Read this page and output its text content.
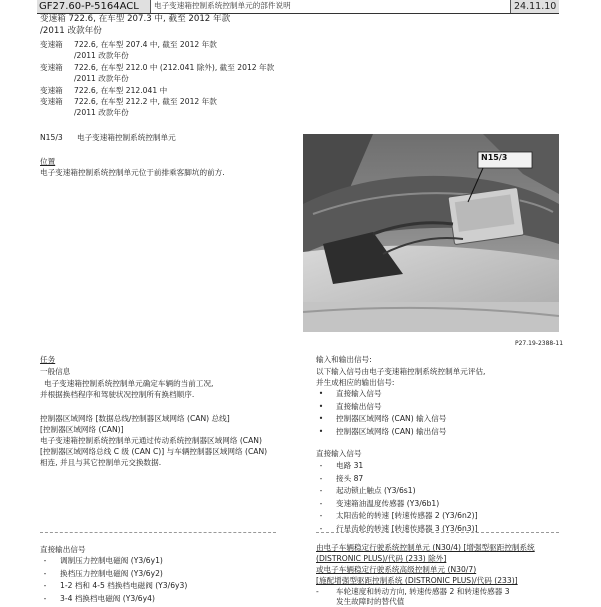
GF27.60-P-5164ACL	电子变速箱控制系统控制单元的部件说明	24.11.10
变速箱 722.6, 在车型 207.3 中, 截至 2012 年款
/2011 改款年份
变速箱 722.6, 在车型 207.4 中, 截至 2012 年款
/2011 改款年份
变速箱 722.6, 在车型 212.0 中 (212.041 除外), 截至 2012 年款
/2011 改款年份
变速箱 722.6, 在车型 212.041 中
变速箱 722.6, 在车型 212.2 中, 截至 2012 年款
/2011 改款年份
N15/3 电子变速箱控制系统控制单元
位置
电子变速箱控制系统控制单元位于前排乘客脚坑的前方.
N15/3
P27.19-2388-11
任务
一般信息
电子变速箱控制系统控制单元确定车辆的当前工况,
并根据换档程序和驾驶状况控制所有换档顺序.
控制器区域网络 [数据总线/控制器区域网络 (CAN) 总线]
[控制器区域网络 (CAN)]
电子变速箱控制系统控制单元通过传动系统控制器区域网络 (CAN)
[控制器区域网络总线 C 级 (CAN C)] 与车辆控制器区域网络 (CAN)
相连, 并且与其它控制单元交换数据.
直接输出信号
-	调制压力控制电磁阀 (Y3/6y1)
-	换档压力控制电磁阀 (Y3/6y2)
-	1-2 档和 4-5 档换档电磁阀 (Y3/6y3)
-	3-4 档换档电磁阀 (Y3/6y4)
输入和输出信号:
以下输入信号由电子变速箱控制系统控制单元评估,
并生成相应的输出信号:
•	直接输入信号
•	直接输出信号
•	控制器区域网络 (CAN) 输入信号
•	控制器区域网络 (CAN) 输出信号
直接输入信号
-	电路 31
-	接头 87
-	起动锁止触点 (Y3/6s1)
-	变速箱油温度传感器 (Y3/6b1)
-	太阳齿轮的转速 [转速传感器 2 (Y3/6n2)]
-	行星齿轮的转速 [转速传感器 3 (Y3/6n3)]
由电子车辆稳定行驶系统控制单元 (N30/4) [增强型驱距控制系统
(DISTRONIC PLUS)/代码 (233) 除外]
或电子车辆稳定行驶系统高级控制单元 (N30/7)
[施配增强型驱距控制系统 (DISTRONIC PLUS)/代码 (233)]
- 车轮速度和转动方向, 转速传感器 2 和转速传感器 3
发生故障时的替代值
